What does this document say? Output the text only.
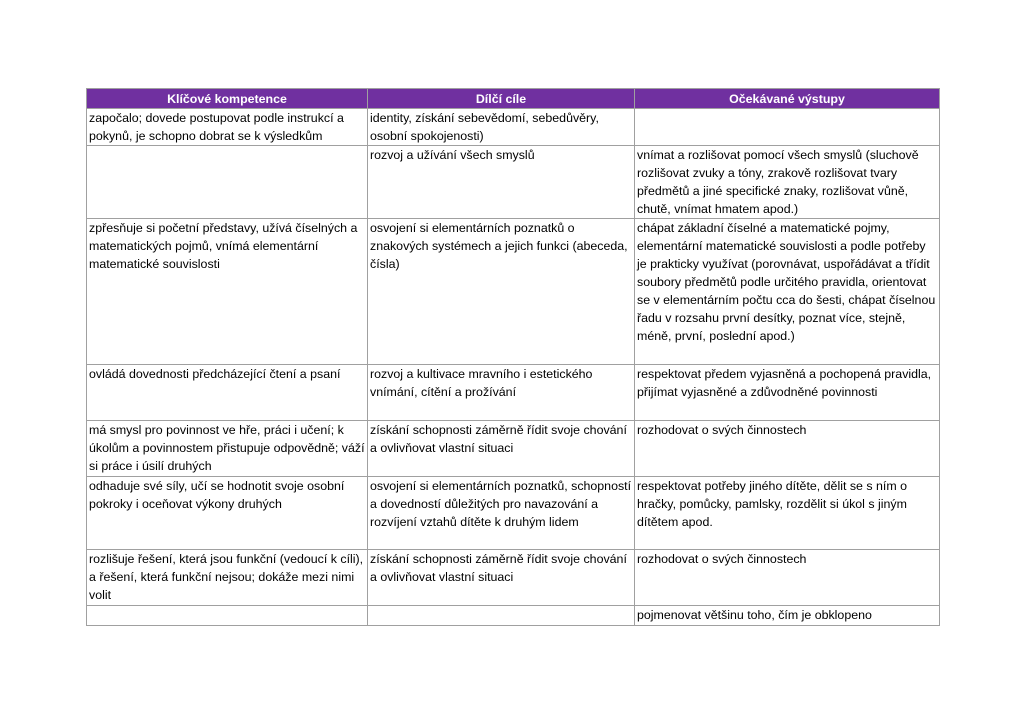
Klíčové kompetence	Dílčí cíle	Očekávané výstupy
započalo; dovede postupovat podle instrukcí a pokynů, je schopno dobrat se k výsledkům	identity, získání sebevědomí, sebedůvěry, osobní spokojenosti)	
	rozvoj a užívání všech smyslů	vnímat a rozlišovat pomocí všech smyslů (sluchově rozlišovat zvuky a tóny, zrakově rozlišovat tvary předmětů a jiné specifické znaky, rozlišovat vůně, chutě, vnímat hmatem apod.)
zpřesňuje si početní představy, užívá číselných a matematických pojmů, vnímá elementární matematické souvislosti	osvojení si elementárních poznatků o znakových systémech a jejich funkci (abeceda, čísla)	chápat základní číselné a matematické pojmy, elementární matematické souvislosti a podle potřeby je prakticky využívat (porovnávat, uspořádávat a třídit soubory předmětů podle určitého pravidla, orientovat se v elementárním počtu cca do šesti, chápat číselnou řadu v rozsahu první desítky, poznat více, stejně, méně, první, poslední apod.)
ovládá dovednosti předcházející čtení a psaní	rozvoj a kultivace mravního i estetického vnímání, cítění a prožívání	respektovat předem vyjasněná a pochopená pravidla, přijímat vyjasněné a zdůvodněné povinnosti
má smysl pro povinnost ve hře, práci i učení; k úkolům a povinnostem přistupuje odpovědně; váží si práce i úsilí druhých	získání schopnosti záměrně řídit svoje chování a ovlivňovat vlastní situaci	rozhodovat o svých činnostech
odhaduje své síly, učí se hodnotit svoje osobní pokroky i oceňovat výkony druhých	osvojení si elementárních poznatků, schopností a dovedností důležitých pro navazování a rozvíjení vztahů dítěte k druhým lidem	respektovat potřeby jiného dítěte, dělit se s ním o hračky, pomůcky, pamlsky, rozdělit si úkol s jiným dítětem apod.
rozlišuje řešení, která jsou funkční (vedoucí k cíli), a řešení, která funkční nejsou; dokáže mezi nimi volit	získání schopnosti záměrně řídit svoje chování a ovlivňovat vlastní situaci	rozhodovat o svých činnostech
		pojmenovat většinu toho, čím je obklopeno
